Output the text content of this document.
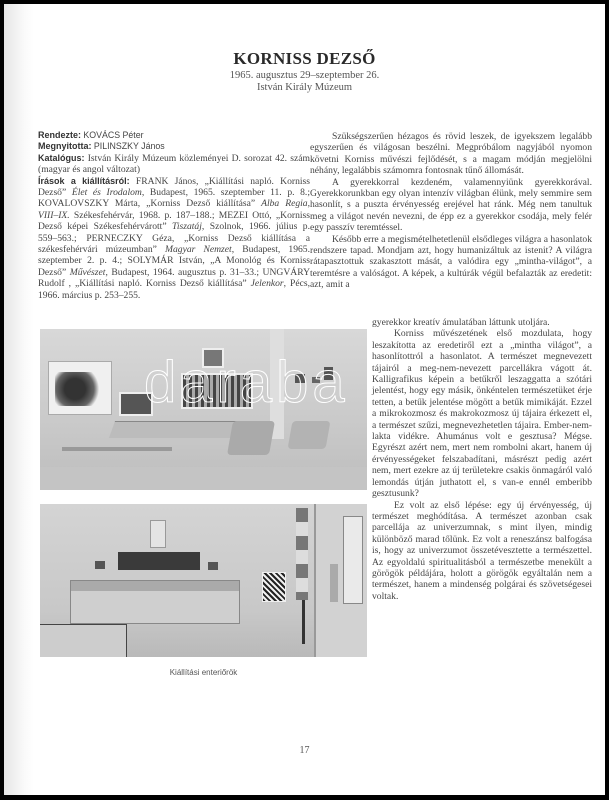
KORNISS DEZSŐ
1965. augusztus 29–szeptember 26.
István Király Múzeum
Rendezte: KOVÁCS Péter
Megnyitotta: PILINSZKY János
Katalógus: István Király Múzeum közleményei D. sorozat 42. szám (magyar és angol változat)
Írások a kiállításról: FRANK János, „Kiállítási napló. Korniss Dezső” Élet és Irodalom, Budapest, 1965. szeptember 11. p. 8.; KOVALOVSZKY Márta, „Korniss Dezső kiállítása” Alba Regia, VIII–IX. Székesfehérvár, 1968. p. 187–188.; MEZEI Ottó, „Korniss Dezső képei Székesfehérvárott” Tiszatáj, Szolnok, 1966. július p. 559–563.; PERNECZKY Géza, „Korniss Dezső kiállítása a székesfehérvári múzeumban” Magyar Nemzet, Budapest, 1965. szeptember 2. p. 4.; SOLYMÁR István, „A Monológ és Korniss Dezső” Művészet, Budapest, 1964. augusztus p. 31–33.; UNGVÁRY Rudolf , „Kiállítási napló. Korniss Dezső kiállítása” Jelenkor, Pécs, 1966. március p. 253–255.

Szükségszerűen hézagos és rövid leszek, de igyekszem legalább egyszerűen és világosan beszélni. Megpróbálom nagyjából nyomon követni Korniss művészi fejlődését, s a magam módján megjelölni néhány, legalábbis számomra fontosnak tűnő állomását.

A gyerekkorral kezdeném, valamennyiünk gyerekkorával. Gyerekkorunkban egy olyan intenzív világban élünk, mely semmire sem hasonlít, s a puszta érvényesség erejével hat ránk. Még nem tanultuk meg a világot nevén nevezni, de épp ez a gyerekkor csodája, mely felér egy passzív teremtéssel.

Később erre a megismételhetetlenül elsődleges világra a hasonlatok rendszere tapad. Mondjam azt, hogy humanizáltuk az istenit? A világra rátapasztottuk szakasztott mását, a valódira egy „mintha-világot”, a teremtésre a valóságot. A képek, a kultúrák végül befalazták az eredetit: azt, amit a

gyerekkor kreatív ámulatában láttunk utoljára.

Korniss művészetének első mozdulata, hogy leszakította az eredetiről ezt a „mintha világot”, a hasonlítottról a hasonlatot. A természet megnevezett tájairól a meg-nem-nevezett parcellákra vágott át. Kalligrafikus képein a betűkről leszaggatta a szótári jelentést, hogy egy másik, önkéntelen természetüket érje tetten, a betűk jelentése mögött a betűk mimikáját. Ezzel a mikrokozmosz és makrokozmosz új tájaira érkezett el, a természet szűzi, megnevezhetetlen tájaira. Ember-nem-lakta vidékre. Ahumánus volt e gesztusa? Mégse. Egyrészt azért nem, mert nem rombolni akart, hanem új érvényességeket felszabadítani, másrészt pedig azért nem, mert ezekre az új területekre csakis önmagáról való lemondás útján juthatott el, s van-e ennél emberibb gesztusunk?

Ez volt az első lépése: egy új érvényesség, új természet meghódítása. A természet azonban csak parcellája az univerzumnak, s mint ilyen, mindig különböző marad tőlünk. Ez volt a reneszánsz balfogása is, hogy az univerzumot összetévesztette a természettel. Az egyoldalú spiritualitásból a természetbe menekült a görögök példájára, holott a görögök egyáltalán nem a természet, hanem a mindenség polgárai és szövetségesei voltak.

Kiállítási enteriőrök
17
